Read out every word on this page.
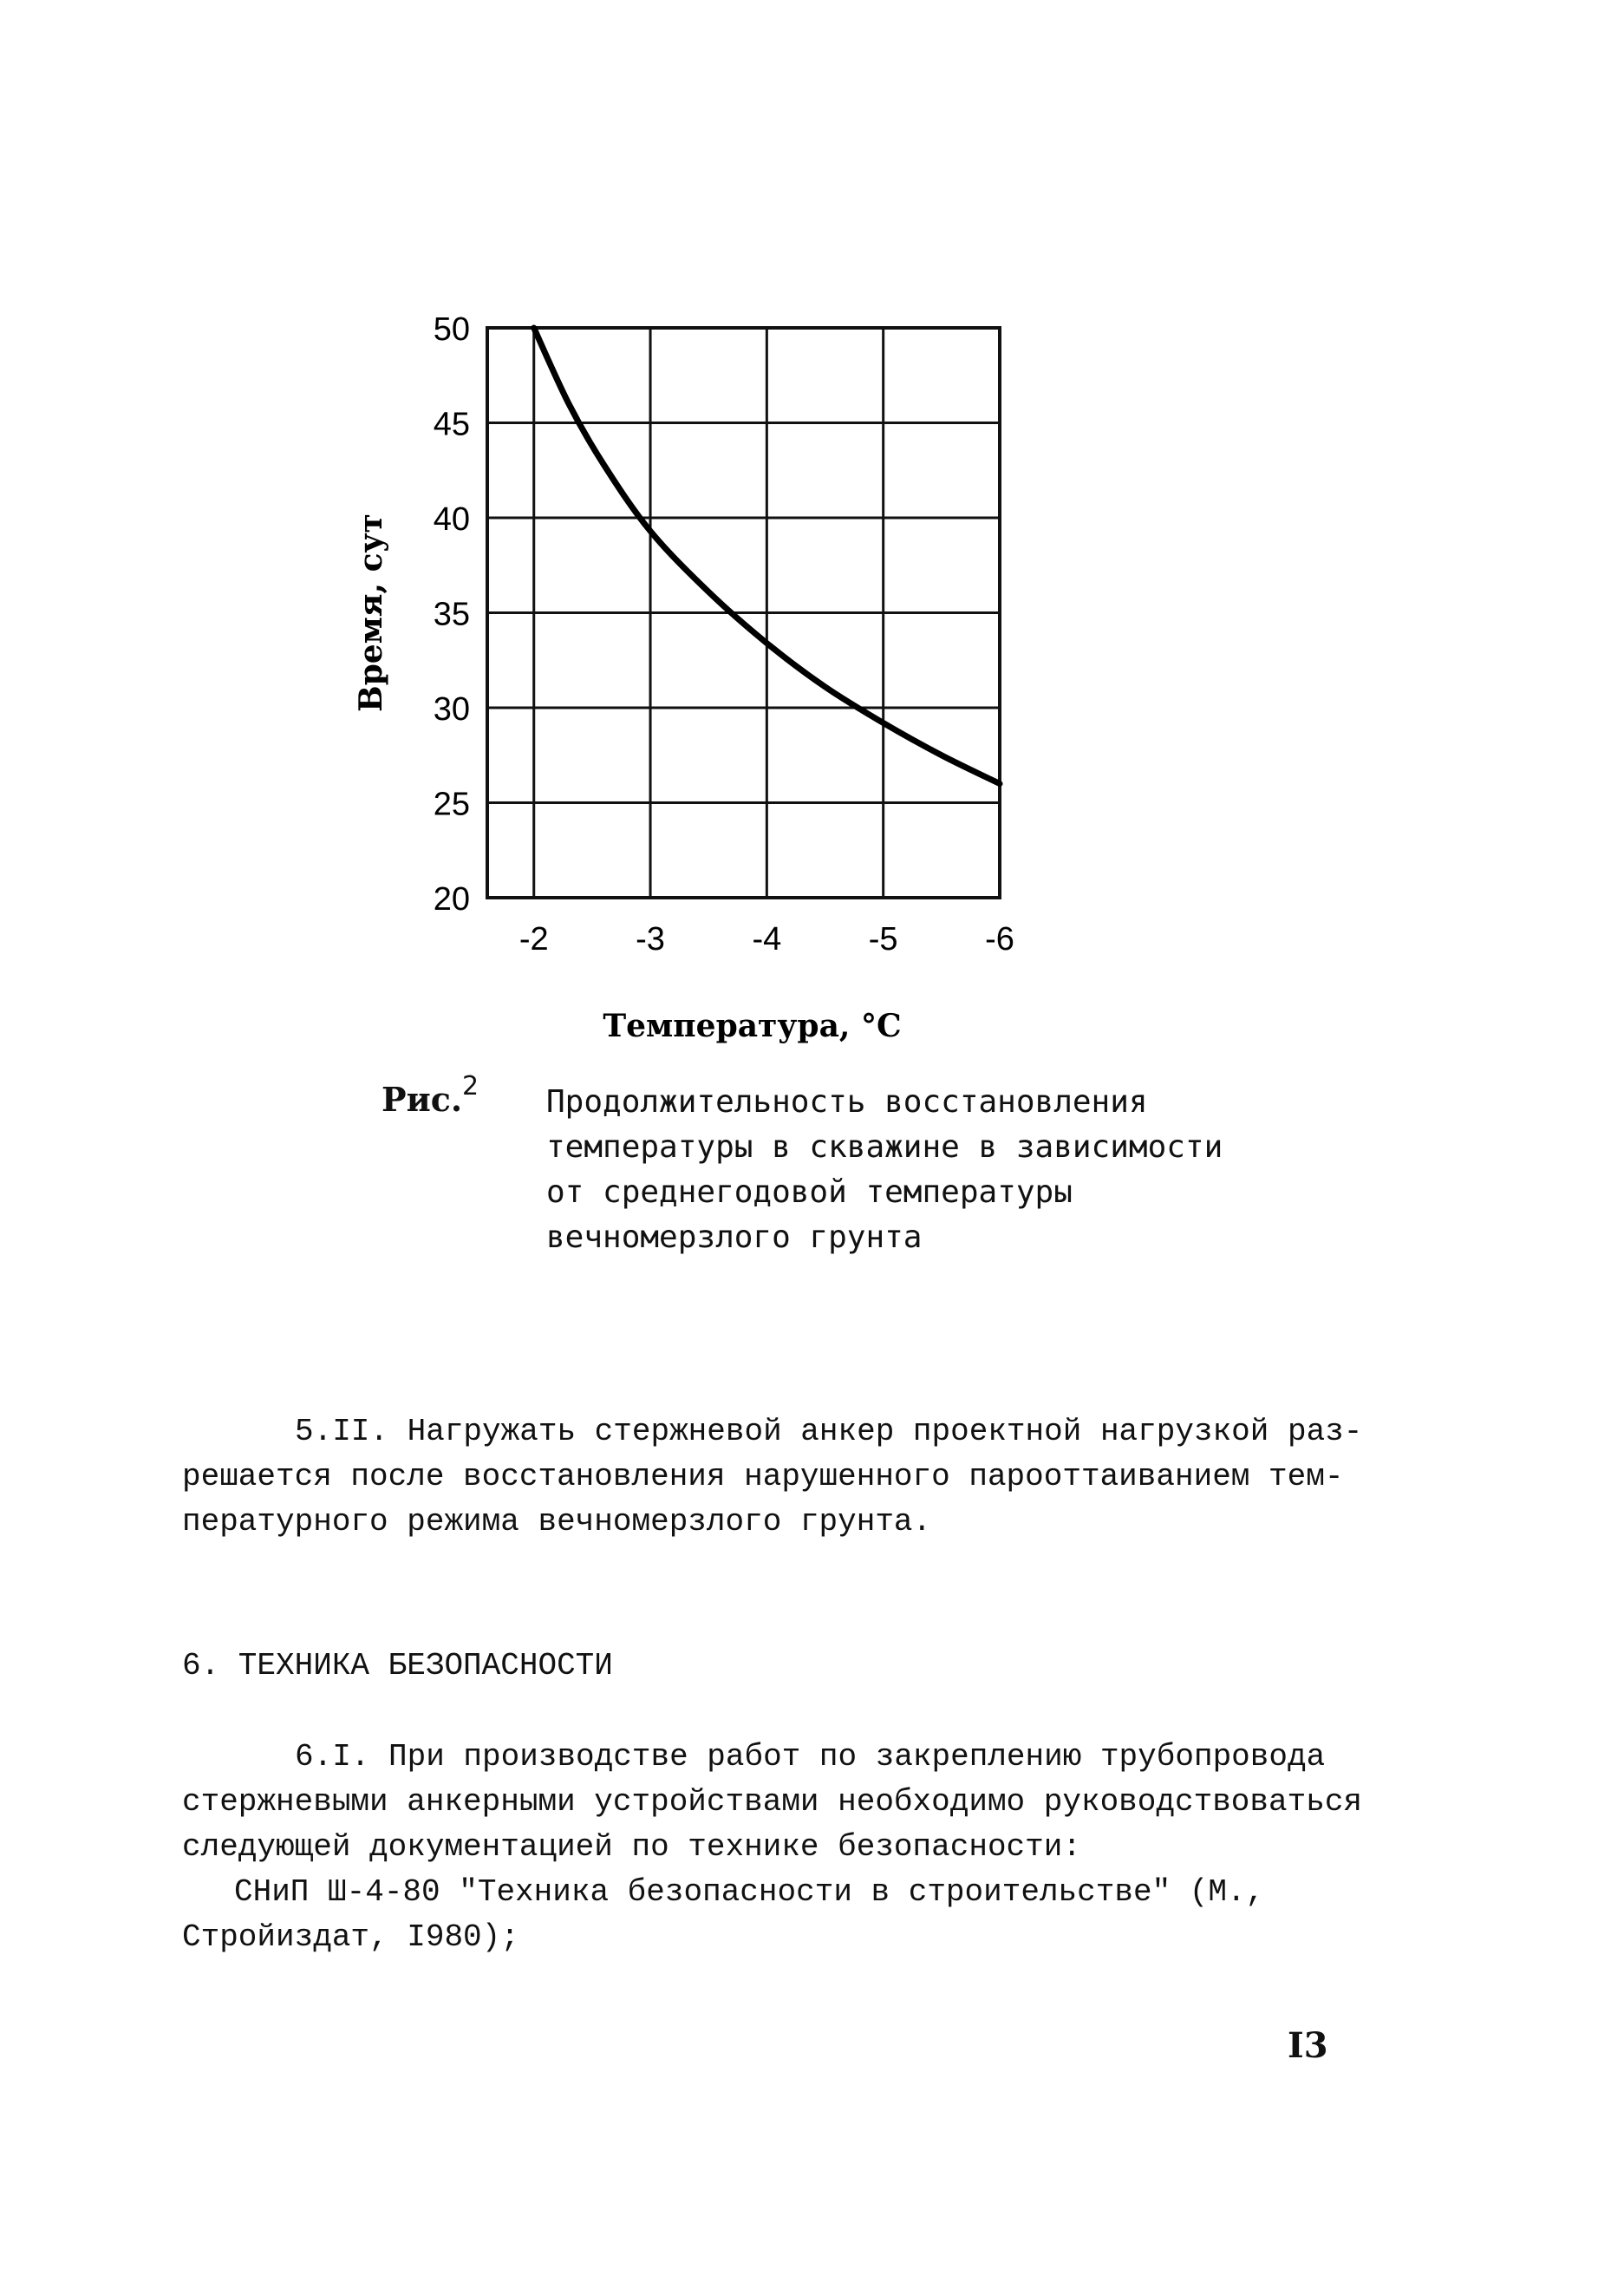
50
45
40
35
30
25
20
-2	-3	-4	-5	-6
Время, сут
Температура, °C
Рис. 2 Продолжительность восстановления
температуры в скважине в зависимости
от среднегодовой температуры
вечномерзлого грунта
5.II. Нагружать стержневой анкер проектной нагрузкой раз-
решается после восстановления нарушенного парооттаиванием тем-
пературного режима вечномерзлого грунта.
6. ТЕХНИКА БЕЗОПАСНОСТИ
6.I. При производстве работ по закреплению трубопровода
стержневыми анкерными устройствами необходимо руководствоваться
следующей документацией по технике безопасности:
СНиП Ш-4-80 "Техника безопасности в строительстве" (М.,
Стройиздат, I980);
I3
